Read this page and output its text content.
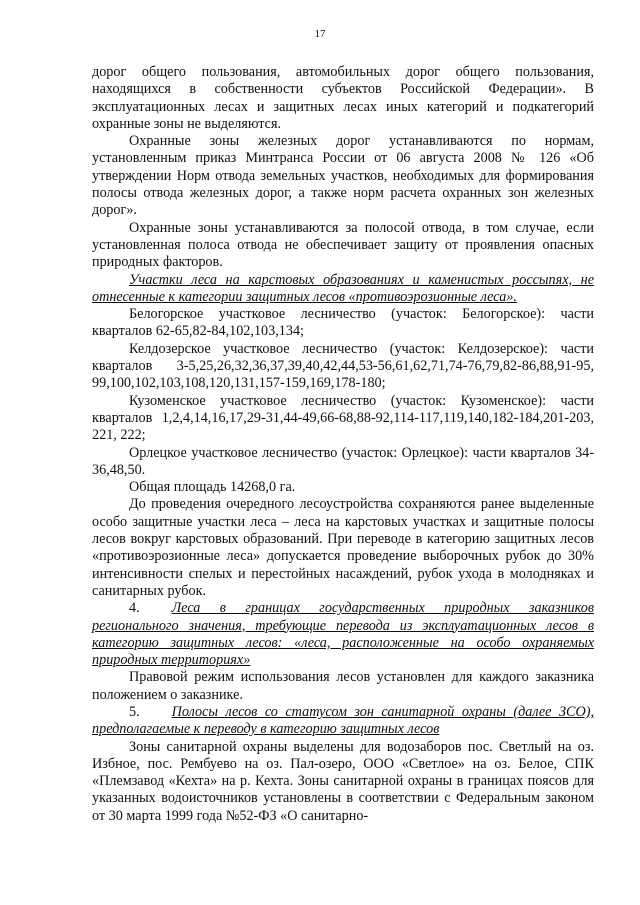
17

дорог общего пользования, автомобильных дорог общего пользования, находящихся в собственности субъектов Российской Федерации». В эксплуатационных лесах и защитных лесах иных категорий и подкатегорий охранные зоны не выделяются.

Охранные зоны железных дорог устанавливаются по нормам, установленным приказ Минтранса России от 06 августа 2008 № 126 «Об утверждении Норм отвода земельных участков, необходимых для формирования полосы отвода железных дорог, а также норм расчета охранных зон железных дорог».

Охранные зоны устанавливаются за полосой отвода, в том случае, если установленная полоса отвода не обеспечивает защиту от проявления опасных природных факторов.

Участки леса на карстовых образованиях и каменистых россыпях, не отнесенные к категории защитных лесов «противоэрозионные леса».

Белогорское участковое лесничество (участок: Белогорское): части кварталов 62-65,82-84,102,103,134;

Келдозерское участковое лесничество (участок: Келдозерское): части кварталов 3-5,25,26,32,36,37,39,40,42,44,53-56,61,62,71,74-76,79,82-86,88,91-95, 99,100,102,103,108,120,131,157-159,169,178-180;

Кузоменское участковое лесничество (участок: Кузоменское): части кварталов 1,2,4,14,16,17,29-31,44-49,66-68,88-92,114-117,119,140,182-184,201-203, 221, 222;

Орлецкое участковое лесничество (участок: Орлецкое): части кварталов 34-36,48,50.

Общая площадь 14268,0 га.

До проведения очередного лесоустройства сохраняются ранее выделенные особо защитные участки леса – леса на карстовых участках и защитные полосы лесов вокруг карстовых образований. При переводе в категорию защитных лесов «противоэрозионные леса» допускается проведение выборочных рубок до 30% интенсивности спелых и перестойных насаждений, рубок ухода в молодняках и санитарных рубок.

4. Леса в границах государственных природных заказников регионального значения, требующие перевода из эксплуатационных лесов в категорию защитных лесов: «леса, расположенные на особо охраняемых природных территориях»

Правовой режим использования лесов установлен для каждого заказника положением о заказнике.

5. Полосы лесов со статусом зон санитарной охраны (далее ЗСО), предполагаемые к переводу в категорию защитных лесов

Зоны санитарной охраны выделены для водозаборов пос. Светлый на оз. Избное, пос. Рембуево на оз. Пал-озеро, ООО «Светлое» на оз. Белое, СПК «Племзавод «Кехта» на р. Кехта. Зоны санитарной охраны в границах поясов для указанных водоисточников установлены в соответствии с Федеральным законом от 30 марта 1999 года №52-ФЗ «О санитарно-
